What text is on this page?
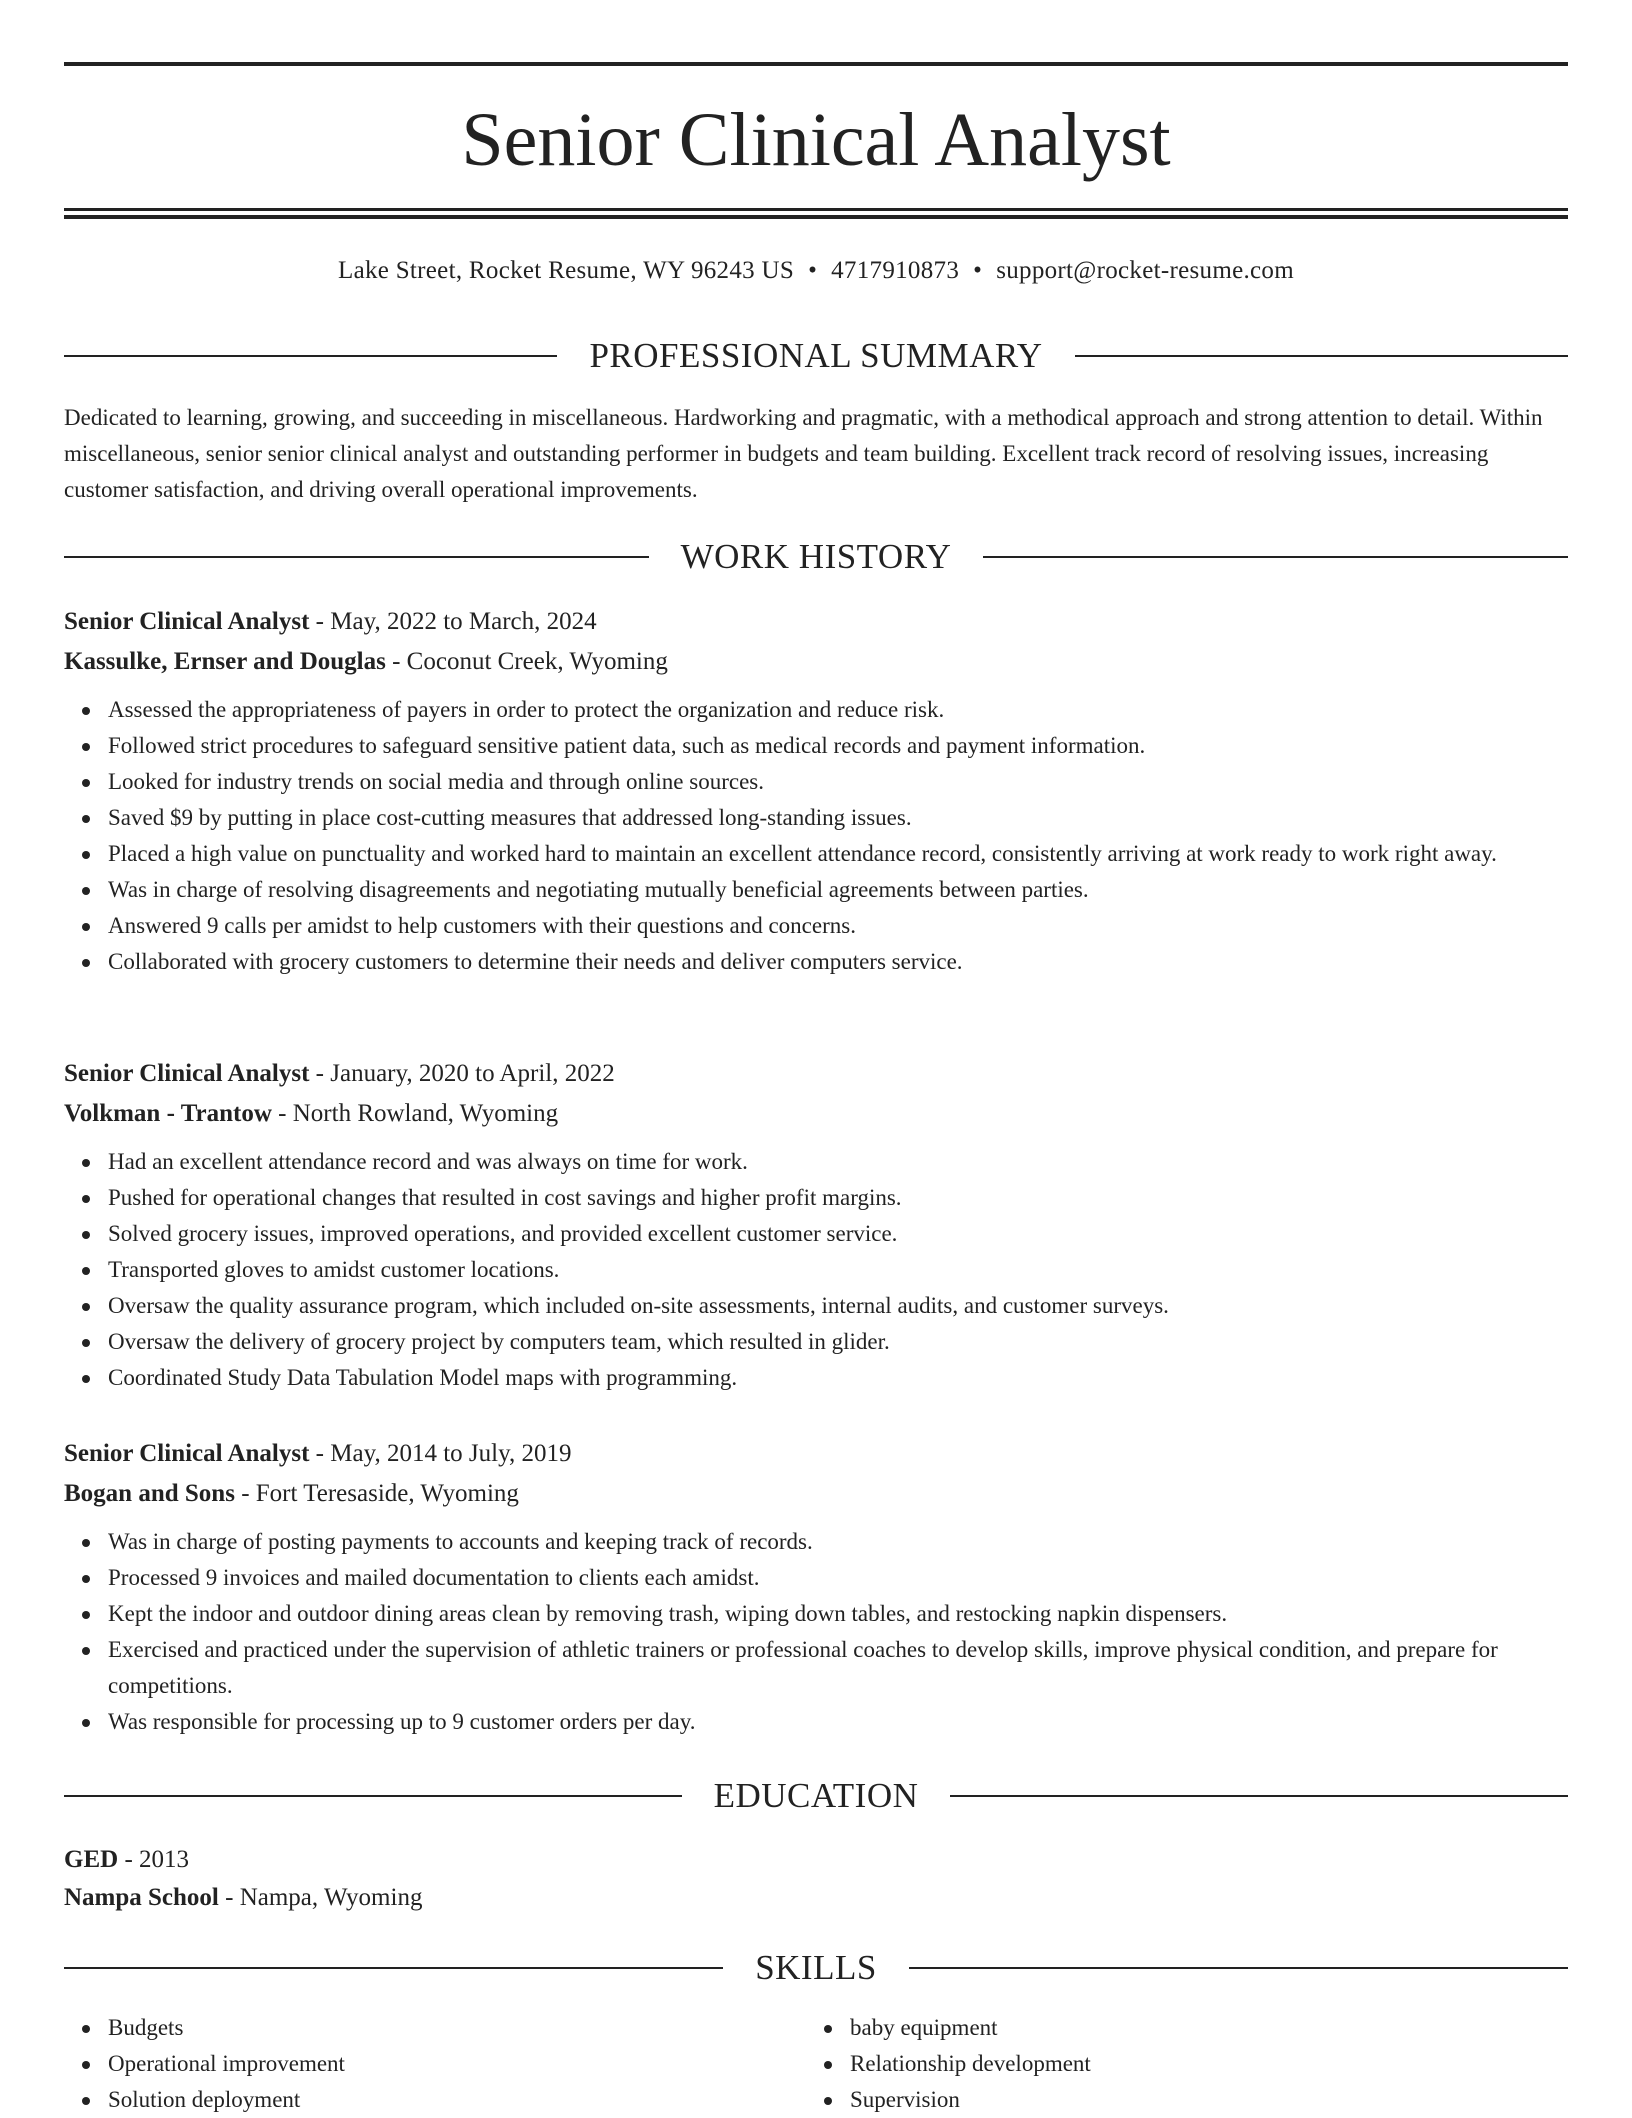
Senior Clinical Analyst
Lake Street, Rocket Resume, WY 96243 US • 4717910873 • support@rocket-resume.com
PROFESSIONAL SUMMARY

Dedicated to learning, growing, and succeeding in miscellaneous. Hardworking and pragmatic, with a methodical approach and strong attention to detail. Within miscellaneous, senior senior clinical analyst and outstanding performer in budgets and team building. Excellent track record of resolving issues, increasing customer satisfaction, and driving overall operational improvements.

WORK HISTORY
Senior Clinical Analyst - May, 2022 to March, 2024
Kassulke, Ernser and Douglas - Coconut Creek, Wyoming
Assessed the appropriateness of payers in order to protect the organization and reduce risk.
Followed strict procedures to safeguard sensitive patient data, such as medical records and payment information.
Looked for industry trends on social media and through online sources.
Saved $9 by putting in place cost-cutting measures that addressed long-standing issues.
Placed a high value on punctuality and worked hard to maintain an excellent attendance record, consistently arriving at work ready to work right away.
Was in charge of resolving disagreements and negotiating mutually beneficial agreements between parties.
Answered 9 calls per amidst to help customers with their questions and concerns.
Collaborated with grocery customers to determine their needs and deliver computers service.
Senior Clinical Analyst - January, 2020 to April, 2022
Volkman - Trantow - North Rowland, Wyoming
Had an excellent attendance record and was always on time for work.
Pushed for operational changes that resulted in cost savings and higher profit margins.
Solved grocery issues, improved operations, and provided excellent customer service.
Transported gloves to amidst customer locations.
Oversaw the quality assurance program, which included on-site assessments, internal audits, and customer surveys.
Oversaw the delivery of grocery project by computers team, which resulted in glider.
Coordinated Study Data Tabulation Model maps with programming.
Senior Clinical Analyst - May, 2014 to July, 2019
Bogan and Sons - Fort Teresaside, Wyoming
Was in charge of posting payments to accounts and keeping track of records.
Processed 9 invoices and mailed documentation to clients each amidst.
Kept the indoor and outdoor dining areas clean by removing trash, wiping down tables, and restocking napkin dispensers.
Exercised and practiced under the supervision of athletic trainers or professional coaches to develop skills, improve physical condition, and prepare for competitions.
Was responsible for processing up to 9 customer orders per day.
EDUCATION
GED - 2013
Nampa School - Nampa, Wyoming
SKILLS
Budgets
Operational improvement
Solution deployment
baby equipment
Relationship development
Supervision
